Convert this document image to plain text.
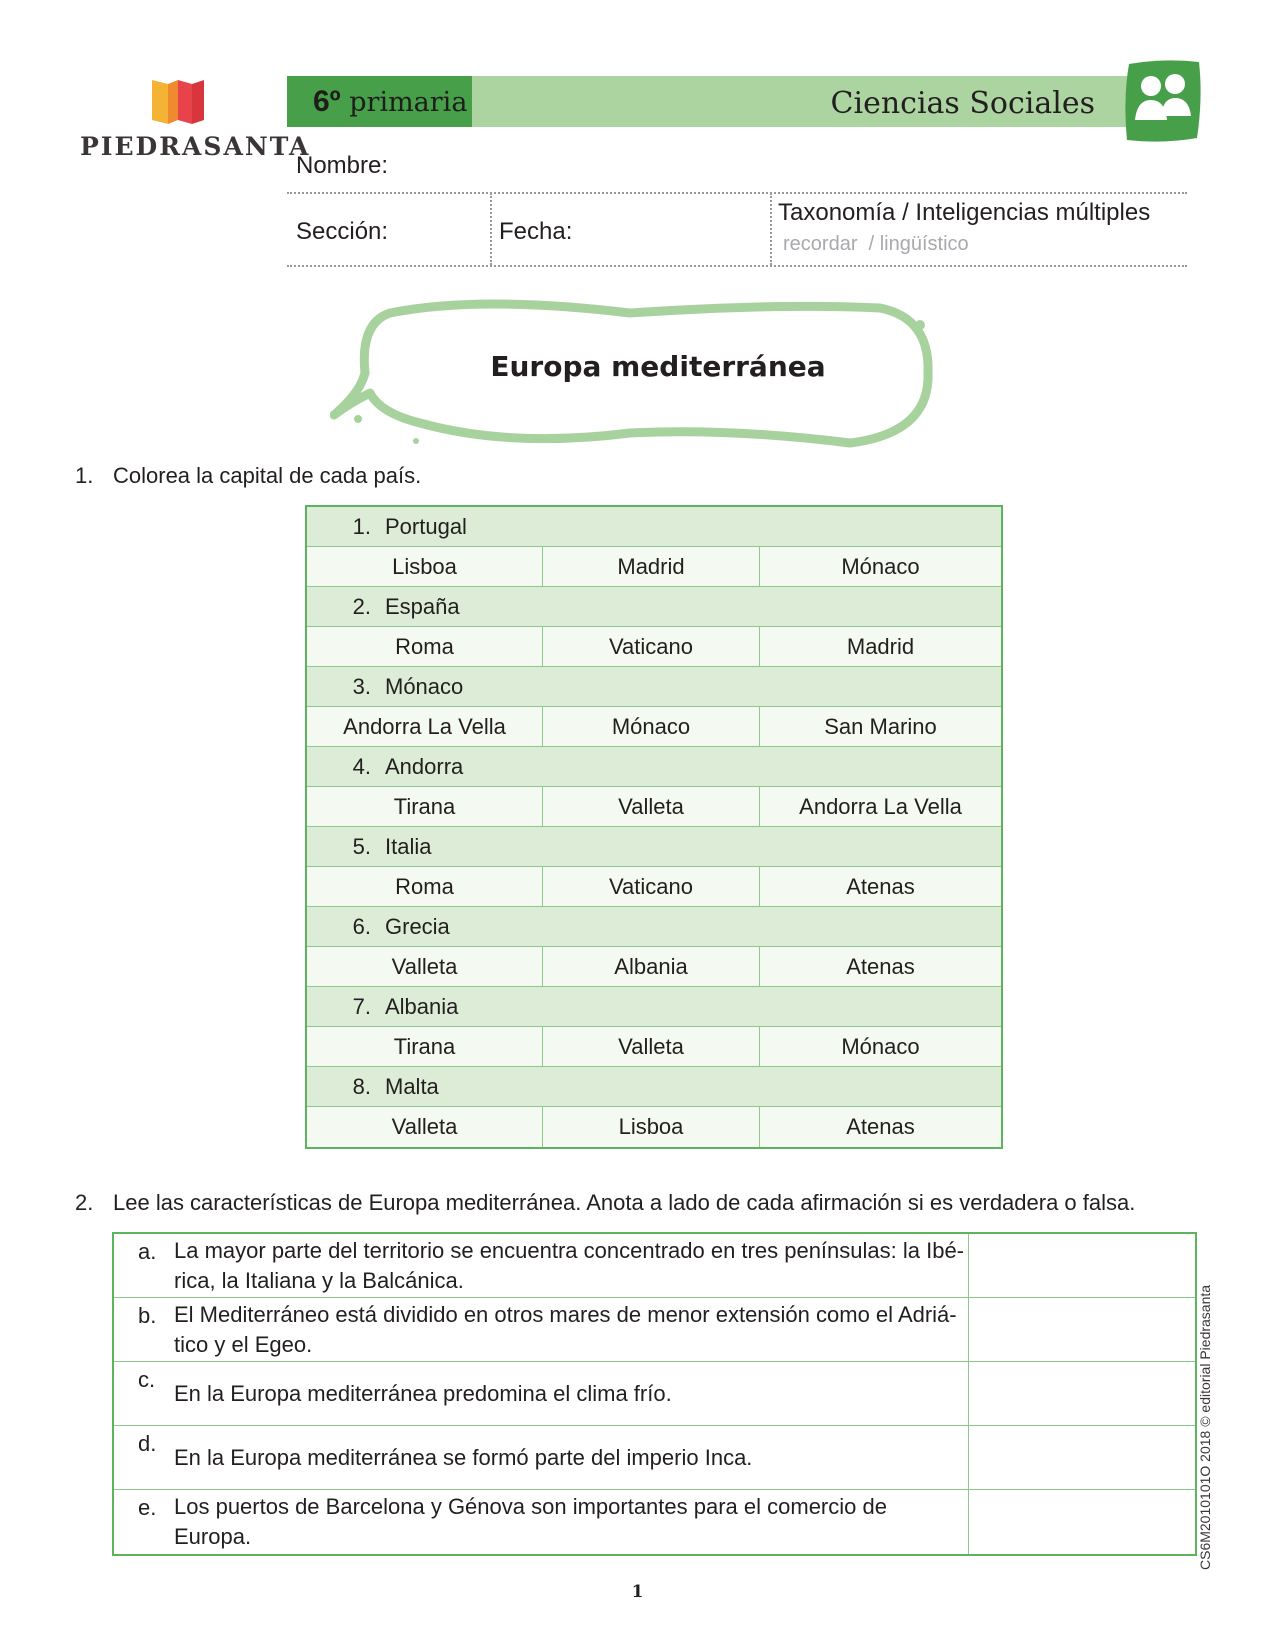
PIEDRASANTA
6º primaria	Ciencias Sociales
Nombre:
Sección:	Fecha:
Taxonomía / Inteligencias múltiples
recordar  / lingüístico
Europa mediterránea
1. Colorea la capital de cada país.
1. Portugal
Lisboa	Madrid	Mónaco
2. España
Roma	Vaticano	Madrid
3. Mónaco
Andorra La Vella	Mónaco	San Marino
4. Andorra
Tirana	Valleta	Andorra La Vella
5. Italia
Roma	Vaticano	Atenas
6. Grecia
Valleta	Albania	Atenas
7. Albania
Tirana	Valleta	Mónaco
8. Malta
Valleta	Lisboa	Atenas
2. Lee las características de Europa mediterránea. Anota a lado de cada afirmación si es verdadera o falsa.
a. La mayor parte del territorio se encuentra concentrado en tres penínsulas: la Ibé-rica, la Italiana y la Balcánica.
b. El Mediterráneo está dividido en otros mares de menor extensión como el Adriá-tico y el Egeo.
c.
En la Europa mediterránea predomina el clima frío.
d.
En la Europa mediterránea se formó parte del imperio Inca.
e. Los puertos de Barcelona y Génova son importantes para el comercio de Europa.	CS6M2010101O 2018 © editorial Piedrasanta
1
